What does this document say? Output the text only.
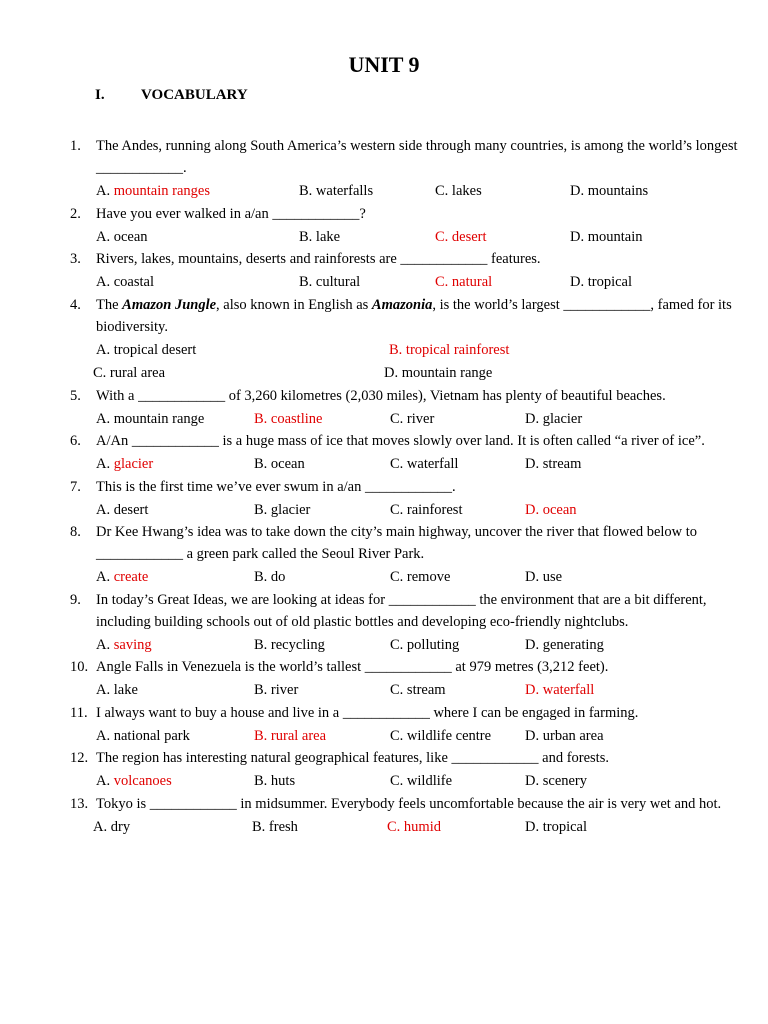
UNIT 9
I. VOCABULARY
1.	The Andes, running along South America’s western side through many countries, is among the world’s longest ____________.
A. mountain ranges	B. waterfalls	C. lakes	D. mountains
2.	Have you ever walked in a/an ____________?
A. ocean	B. lake	C. desert	D. mountain
3.	Rivers, lakes, mountains, deserts and rainforests are ____________ features.
A. coastal	B. cultural	C. natural	D. tropical
4.	The Amazon Jungle, also known in English as Amazonia, is the world’s largest ____________, famed for its biodiversity.
A. tropical desert	B. tropical rainforest
C. rural area	D. mountain range
5.	With a ____________ of 3,260 kilometres (2,030 miles), Vietnam has plenty of beautiful beaches.
A. mountain range	B. coastline	C. river	D. glacier
6.	A/An ____________ is a huge mass of ice that moves slowly over land. It is often called “a river of ice”.
A. glacier	B. ocean	C. waterfall	D. stream
7.	This is the first time we’ve ever swum in a/an ____________.
A. desert	B. glacier	C. rainforest	D. ocean
8.	Dr Kee Hwang’s idea was to take down the city’s main highway, uncover the river that flowed below to ____________ a green park called the Seoul River Park.
A. create	B. do	C. remove	D. use
9.	In today’s Great Ideas, we are looking at ideas for ____________ the environment that are a bit different, including building schools out of old plastic bottles and developing eco-friendly nightclubs.
A. saving	B. recycling	C. polluting	D. generating
10. Angle Falls in Venezuela is the world’s tallest ____________ at 979 metres (3,212 feet).
A. lake	B. river	C. stream	D. waterfall
11. I always want to buy a house and live in a ____________ where I can be engaged in farming.
A. national park	B. rural area	C. wildlife centre D. urban area
12. The region has interesting natural geographical features, like ____________ and forests.
A. volcanoes	B. huts	C. wildlife	D. scenery
13. Tokyo is ____________ in midsummer. Everybody feels uncomfortable because the air is very wet and hot.
A. dry	B. fresh	C. humid	D. tropical
